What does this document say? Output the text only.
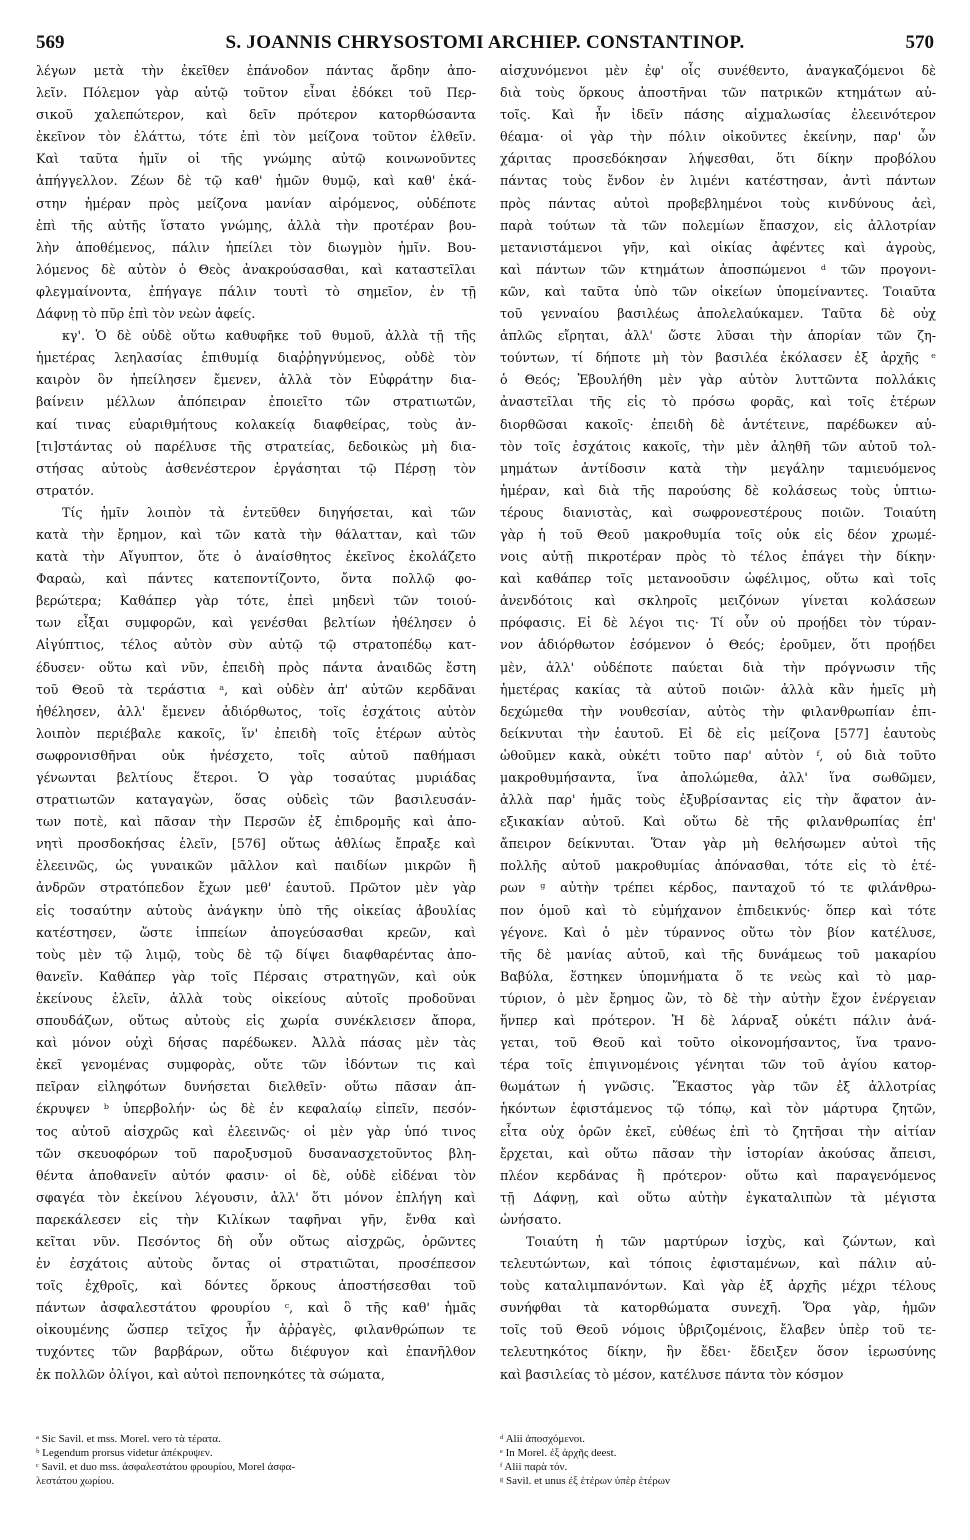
569	S. JOANNIS CHRYSOSTOMI ARCHIEP. CONSTANTINOP.	570
λέγων μετὰ τὴν ἐκεῖθεν ἐπάνοδον πάντας ἄρδην ἀπο-
λεῖν. Πόλεμον γὰρ αὐτῷ τοῦτον εἶναι ἐδόκει τοῦ Περ-
σικοῦ χαλεπώτερον, καὶ δεῖν πρότερον κατορθώσαντα
ἐκεῖνον τὸν ἐλάττω, τότε ἐπὶ τὸν μείζονα τοῦτον ἐλθεῖν.
Καὶ ταῦτα ἡμῖν οἱ τῆς γνώμης αὐτῷ κοινωνοῦντες
ἀπήγγελλον. Ζέων δὲ τῷ καθ' ἡμῶν θυμῷ, καὶ καθ' ἑκά-
στην ἡμέραν πρὸς μείζονα μανίαν αἰρόμενος, οὐδέποτε
ἐπὶ τῆς αὐτῆς ἵστατο γνώμης, ἀλλὰ τὴν προτέραν βου-
λὴν ἀποθέμενος, πάλιν ἠπείλει τὸν διωγμὸν ἡμῖν. Βου-
λόμενος δὲ αὐτὸν ὁ Θεὸς ἀνακρούσασθαι, καὶ καταστεῖλαι
φλεγμαίνοντα, ἐπήγαγε πάλιν τουτὶ τὸ σημεῖον, ἐν τῇ
Δάφνῃ τὸ πῦρ ἐπὶ τὸν νεὼν ἀφείς.
κγ'. Ὁ δὲ οὐδὲ οὕτω καθυφῆκε τοῦ θυμοῦ, ἀλλὰ τῇ τῆς
ἡμετέρας λεηλασίας ἐπιθυμίᾳ διαῤῥηγνύμενος, οὐδὲ τὸν
καιρὸν ὃν ἠπείλησεν ἔμενεν, ἀλλὰ τὸν Εὐφράτην δια-
βαίνειν μέλλων ἀπόπειραν ἐποιεῖτο τῶν στρατιωτῶν,
καί τινας εὐαριθμήτους κολακείᾳ διαφθείρας, τοὺς ἀν-
[τι]στάντας οὐ παρέλυσε τῆς στρατείας, δεδοικὼς μὴ δια-
στήσας αὐτοὺς ἀσθενέστερον ἐργάσηται τῷ Πέρσῃ τὸν
στρατόν.
Τίς ἡμῖν λοιπὸν τὰ ἐντεῦθεν διηγήσεται, καὶ τῶν
κατὰ τὴν ἔρημον, καὶ τῶν κατὰ τὴν θάλατταν, καὶ τῶν
κατὰ τὴν Αἴγυπτον, ὅτε ὁ ἀναίσθητος ἐκεῖνος ἐκολάζετο
Φαραὼ, καὶ πάντες κατεποντίζοντο, ὄντα πολλῷ φο-
βερώτερα; Καθάπερ γὰρ τότε, ἐπεὶ μηδενὶ τῶν τοιού-
των εἶξαι συμφορῶν, καὶ γενέσθαι βελτίων ἠθέλησεν ὁ
Αἰγύπτιος, τέλος αὐτὸν σὺν αὐτῷ τῷ στρατοπέδῳ κατ-
έδυσεν· οὕτω καὶ νῦν, ἐπειδὴ πρὸς πάντα ἀναιδῶς ἔστη
τοῦ Θεοῦ τὰ τεράστια ᵃ, καὶ οὐδὲν ἀπ' αὐτῶν κερδᾶναι
ἠθέλησεν, ἀλλ' ἔμενεν ἀδιόρθωτος, τοῖς ἐσχάτοις αὐτὸν
λοιπὸν περιέβαλε κακοῖς, ἵν' ἐπειδὴ τοῖς ἑτέρων αὐτὸς
σωφρονισθῆναι οὐκ ἠνέσχετο, τοῖς αὐτοῦ παθήμασι
γένωνται βελτίους ἕτεροι. Ὁ γὰρ τοσαύτας μυριάδας
στρατιωτῶν καταγαγὼν, ὅσας οὐδεὶς τῶν βασιλευσάν-
των ποτὲ, καὶ πᾶσαν τὴν Περσῶν ἐξ ἐπιδρομῆς καὶ ἀπο-
νητὶ προσδοκήσας ἑλεῖν, [576] οὕτως ἀθλίως ἔπραξε καὶ
ἐλεεινῶς, ὡς γυναικῶν μᾶλλον καὶ παιδίων μικρῶν ἢ
ἀνδρῶν στρατόπεδον ἔχων μεθ' ἑαυτοῦ. Πρῶτον μὲν γὰρ
εἰς τοσαύτην αὐτοὺς ἀνάγκην ὑπὸ τῆς οἰκείας ἀβουλίας
κατέστησεν, ὥστε ἱππείων ἀπογεύσασθαι κρεῶν, καὶ
τοὺς μὲν τῷ λιμῷ, τοὺς δὲ τῷ δίψει διαφθαρέντας ἀπο-
θανεῖν. Καθάπερ γὰρ τοῖς Πέρσαις στρατηγῶν, καὶ οὐκ
ἐκείνους ἑλεῖν, ἀλλὰ τοὺς οἰκείους αὐτοῖς προδοῦναι
σπουδάζων, οὕτως αὐτοὺς εἰς χωρία συνέκλεισεν ἄπορα,
καὶ μόνον οὐχὶ δήσας παρέδωκεν. Ἀλλὰ πάσας μὲν τὰς
ἐκεῖ γενομένας συμφορὰς, οὔτε τῶν ἰδόντων τις καὶ
πεῖραν εἰληφότων δυνήσεται διελθεῖν· οὕτω πᾶσαν ἀπ-
έκρυψεν ᵇ ὑπερβολήν· ὡς δὲ ἐν κεφαλαίῳ εἰπεῖν, πεσόν-
τος αὐτοῦ αἰσχρῶς καὶ ἐλεεινῶς· οἱ μὲν γὰρ ὑπό τινος
τῶν σκευοφόρων τοῦ παροξυσμοῦ δυσανασχετοῦντος βλη-
θέντα ἀποθανεῖν αὐτόν φασιν· οἱ δὲ, οὐδὲ εἰδέναι τὸν
σφαγέα τὸν ἐκείνου λέγουσιν, ἀλλ' ὅτι μόνον ἐπλήγη καὶ
παρεκάλεσεν εἰς τὴν Κιλίκων ταφῆναι γῆν, ἔνθα καὶ
κεῖται νῦν. Πεσόντος δὴ οὖν οὕτως αἰσχρῶς, ὁρῶντες
ἐν ἐσχάτοις αὐτοὺς ὄντας οἱ στρατιῶται, προσέπεσον
τοῖς ἐχθροῖς, καὶ δόντες ὅρκους ἀποστήσεσθαι τοῦ
πάντων ἀσφαλεστάτου φρουρίου ᶜ, καὶ ὃ τῆς καθ' ἡμᾶς
οἰκουμένης ὥσπερ τεῖχος ἦν ἀῤῥαγὲς, φιλανθρώπων τε
τυχόντες τῶν βαρβάρων, οὕτω διέφυγον καὶ ἐπανῆλθον
ἐκ πολλῶν ὀλίγοι, καὶ αὐτοὶ πεπονηκότες τὰ σώματα,
αἰσχυνόμενοι μὲν ἐφ' οἷς συνέθεντο, ἀναγκαζόμενοι δὲ
διὰ τοὺς ὅρκους ἀποστῆναι τῶν πατρικῶν κτημάτων αὐ-
τοῖς. Καὶ ἦν ἰδεῖν πάσης αἰχμαλωσίας ἐλεεινότερον
θέαμα· οἱ γὰρ τὴν πόλιν οἰκοῦντες ἐκείνην, παρ' ὧν
χάριτας προσεδόκησαν λήψεσθαι, ὅτι δίκην προβόλου
πάντας τοὺς ἔνδον ἐν λιμένι κατέστησαν, ἀντὶ πάντων
πρὸς πάντας αὐτοὶ προβεβλημένοι τοὺς κινδύνους ἀεὶ,
παρὰ τούτων τὰ τῶν πολεμίων ἔπασχον, εἰς ἀλλοτρίαν
μετανιστάμενοι γῆν, καὶ οἰκίας ἀφέντες καὶ ἀγροὺς,
καὶ πάντων τῶν κτημάτων ἀποσπώμενοι ᵈ τῶν προγονι-
κῶν, καὶ ταῦτα ὑπὸ τῶν οἰκείων ὑπομείναντες. Τοιαῦτα
τοῦ γενναίου βασιλέως ἀπολελαύκαμεν. Ταῦτα δὲ οὐχ
ἁπλῶς εἴρηται, ἀλλ' ὥστε λῦσαι τὴν ἀπορίαν τῶν ζη-
τούντων, τί δήποτε μὴ τὸν βασιλέα ἐκόλασεν ἐξ ἀρχῆς ᵉ
ὁ Θεός; Ἐβουλήθη μὲν γὰρ αὐτὸν λυττῶντα πολλάκις
ἀναστεῖλαι τῆς εἰς τὸ πρόσω φορᾶς, καὶ τοῖς ἑτέρων
διορθῶσαι κακοῖς· ἐπειδὴ δὲ ἀντέτεινε, παρέδωκεν αὐ-
τὸν τοῖς ἐσχάτοις κακοῖς, τὴν μὲν ἀληθῆ τῶν αὐτοῦ τολ-
μημάτων ἀντίδοσιν κατὰ τὴν μεγάλην ταμιευόμενος
ἡμέραν, καὶ διὰ τῆς παρούσης δὲ κολάσεως τοὺς ὑπτιω-
τέρους διανιστὰς, καὶ σωφρονεστέρους ποιῶν. Τοιαύτη
γὰρ ἡ τοῦ Θεοῦ μακροθυμία τοῖς οὐκ εἰς δέον χρωμέ-
νοις αὐτῇ πικροτέραν πρὸς τὸ τέλος ἐπάγει τὴν δίκην·
καὶ καθάπερ τοῖς μετανοοῦσιν ὠφέλιμος, οὕτω καὶ τοῖς
ἀνενδότοις καὶ σκληροῖς μειζόνων γίνεται κολάσεων
πρόφασις. Εἰ δὲ λέγοι τις· Τί οὖν οὐ προῄδει τὸν τύραν-
νον ἀδιόρθωτον ἐσόμενον ὁ Θεός; ἐροῦμεν, ὅτι προῄδει
μὲν, ἀλλ' οὐδέποτε παύεται διὰ τὴν πρόγνωσιν τῆς
ἡμετέρας κακίας τὰ αὐτοῦ ποιῶν· ἀλλὰ κἂν ἡμεῖς μὴ
δεχώμεθα τὴν νουθεσίαν, αὐτὸς τὴν φιλανθρωπίαν ἐπι-
δείκνυται τὴν ἑαυτοῦ. Εἰ δὲ εἰς μείζονα [577] ἑαυτοὺς
ὠθοῦμεν κακὰ, οὐκέτι τοῦτο παρ' αὐτὸν ᶠ, οὐ διὰ τοῦτο
μακροθυμήσαντα, ἵνα ἀπολώμεθα, ἀλλ' ἵνα σωθῶμεν,
ἀλλὰ παρ' ἡμᾶς τοὺς ἐξυβρίσαντας εἰς τὴν ἄφατον ἀν-
εξικακίαν αὐτοῦ. Καὶ οὕτω δὲ τῆς φιλανθρωπίας ἐπ'
ἄπειρον δείκνυται. Ὅταν γὰρ μὴ θελήσωμεν αὐτοὶ τῆς
πολλῆς αὐτοῦ μακροθυμίας ἀπόνασθαι, τότε εἰς τὸ ἑτέ-
ρων ᵍ αὐτὴν τρέπει κέρδος, πανταχοῦ τό τε φιλάνθρω-
πον ὁμοῦ καὶ τὸ εὐμήχανον ἐπιδεικνύς· ὅπερ καὶ τότε
γέγονε. Καὶ ὁ μὲν τύραννος οὕτω τὸν βίον κατέλυσε,
τῆς δὲ μανίας αὐτοῦ, καὶ τῆς δυνάμεως τοῦ μακαρίου
Βαβύλα, ἕστηκεν ὑπομνήματα ὅ τε νεὼς καὶ τὸ μαρ-
τύριον, ὁ μὲν ἔρημος ὢν, τὸ δὲ τὴν αὐτὴν ἔχον ἐνέργειαν
ἥνπερ καὶ πρότερον. Ἡ δὲ λάρναξ οὐκέτι πάλιν ἀνά-
γεται, τοῦ Θεοῦ καὶ τοῦτο οἰκονομήσαντος, ἵνα τρανο-
τέρα τοῖς ἐπιγινομένοις γένηται τῶν τοῦ ἁγίου κατορ-
θωμάτων ἡ γνῶσις. Ἕκαστος γὰρ τῶν ἐξ ἀλλοτρίας
ἡκόντων ἐφιστάμενος τῷ τόπῳ, καὶ τὸν μάρτυρα ζητῶν,
εἶτα οὐχ ὁρῶν ἐκεῖ, εὐθέως ἐπὶ τὸ ζητῆσαι τὴν αἰτίαν
ἔρχεται, καὶ οὕτω πᾶσαν τὴν ἱστορίαν ἀκούσας ἄπεισι,
πλέον κερδάνας ἢ πρότερον· οὕτω καὶ παραγενόμενος
τῇ Δάφνῃ, καὶ οὕτω αὐτὴν ἐγκαταλιπὼν τὰ μέγιστα
ὠνήσατο.
Τοιαύτη ἡ τῶν μαρτύρων ἰσχὺς, καὶ ζώντων, καὶ
τελευτώντων, καὶ τόποις ἐφισταμένων, καὶ πάλιν αὐ-
τοὺς καταλιμπανόντων. Καὶ γὰρ ἐξ ἀρχῆς μέχρι τέλους
συνήφθαι τὰ κατορθώματα συνεχῆ. Ὅρα γὰρ, ἡμῶν
τοῖς τοῦ Θεοῦ νόμοις ὑβριζομένοις, ἔλαβεν ὑπὲρ τοῦ τε-
τελευτηκότος δίκην, ἣν ἔδει· ἔδειξεν ὅσον ἱερωσύνης
καὶ βασιλείας τὸ μέσον, κατέλυσε πάντα τὸν κόσμον
ᵃ Sic Savil. et mss. Morel. vero τὰ τέρατα.
ᵇ Legendum prorsus videtur ἀπέκρυψεν.
ᶜ Savil. et duo mss. ἀσφαλεστάτου φρουρίου, Morel ἀσφα-
λεστάτου χωρίου.
ᵈ Alii ἀποσχόμενοι.
ᵉ In Morel. ἐξ ἀρχῆς deest.
ᶠ Alii παρὰ τόν.
ᵍ Savil. et unus ἐξ ἑτέρων ὑπὲρ ἑτέρων
